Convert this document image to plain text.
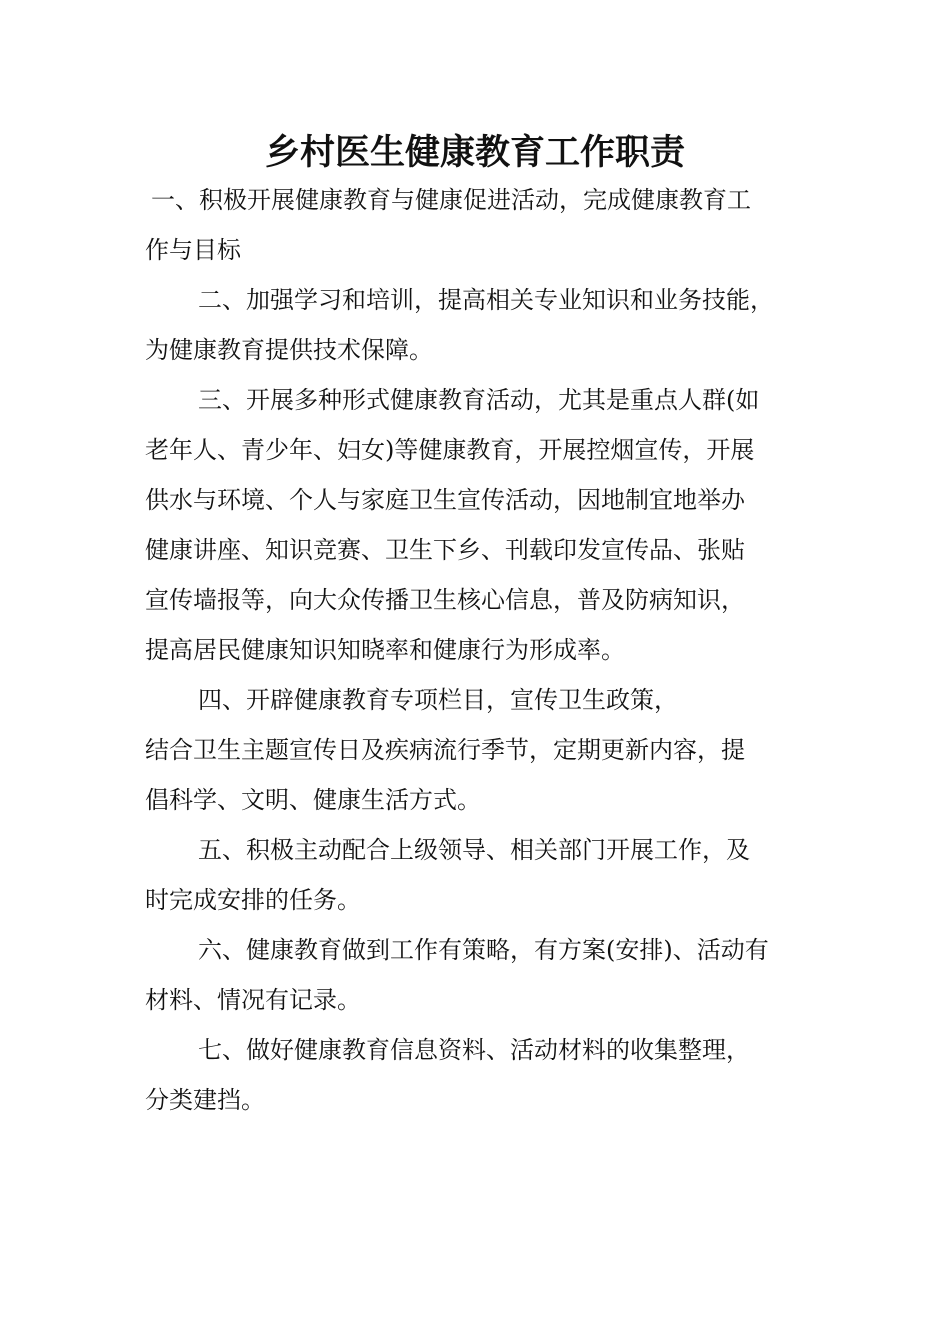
乡村医生健康教育工作职责
一、积极开展健康教育与健康促进活动，完成健康教育工
作与目标
二、加强学习和培训，提高相关专业知识和业务技能，
为健康教育提供技术保障。
三、开展多种形式健康教育活动，尤其是重点人群(如
老年人、青少年、妇女)等健康教育，开展控烟宣传，开展
供水与环境、个人与家庭卫生宣传活动，因地制宜地举办
健康讲座、知识竞赛、卫生下乡、刊载印发宣传品、张贴
宣传墙报等，向大众传播卫生核心信息，普及防病知识，
提高居民健康知识知晓率和健康行为形成率。
四、开辟健康教育专项栏目，宣传卫生政策，
结合卫生主题宣传日及疾病流行季节，定期更新内容，提
倡科学、文明、健康生活方式。
五、积极主动配合上级领导、相关部门开展工作，及
时完成安排的任务。
六、健康教育做到工作有策略，有方案(安排)、活动有
材料、情况有记录。
七、做好健康教育信息资料、活动材料的收集整理，
分类建挡。
